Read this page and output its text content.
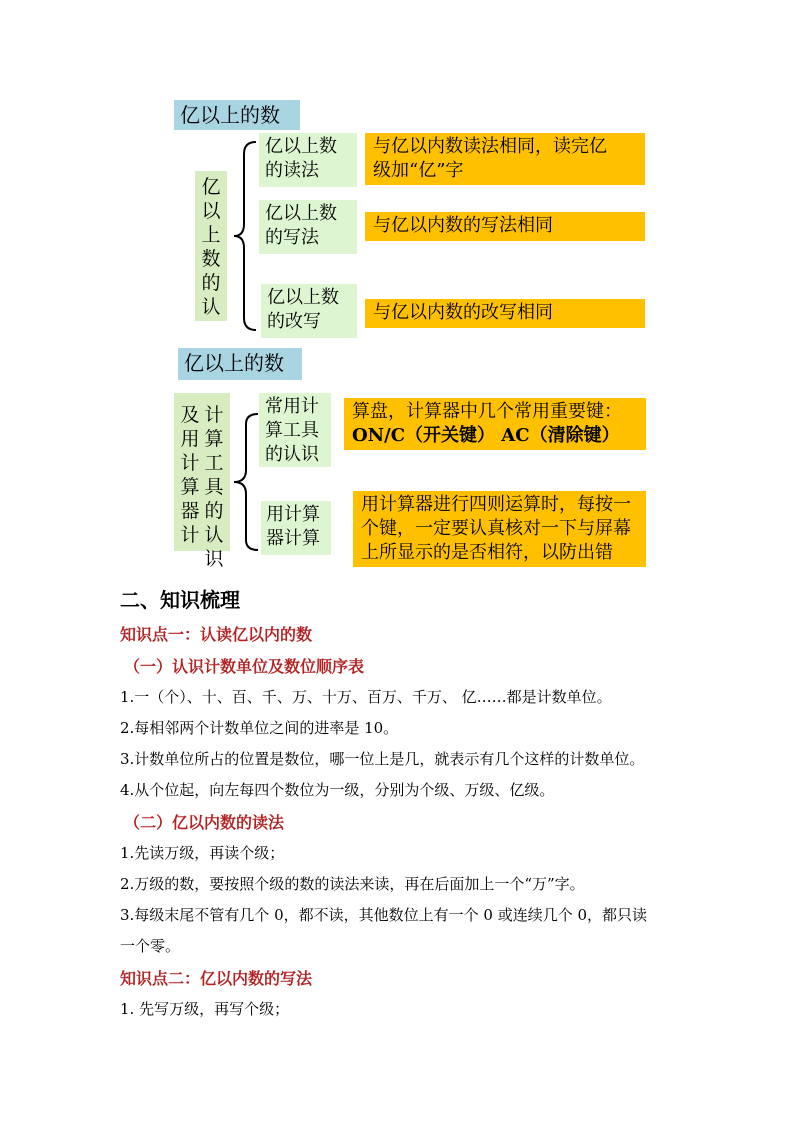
亿以上的数
亿
以
上
数
的
认
亿以上数
的读法
与亿以内数读法相同，读完亿
级加“亿”字
亿以上数
的写法
与亿以内数的写法相同
亿以上数
的改写	与亿以内数的改写相同
亿以上的数
计
算
工
具
的
认
识
及
用
计
算
器
计
常用计
算工具
的认识
算盘，计算器中几个常用重要键：
ON/C（开关键） AC（清除键）
用计算
器计算
用计算器进行四则运算时，每按一
个键，一定要认真核对一下与屏幕
上所显示的是否相符，以防出错
二、知识梳理
知识点一：认读亿以内的数
（一）认识计数单位及数位顺序表
1.一（个）、十、百、千、万、十万、百万、千万、 亿……都是计数单位。
2.每相邻两个计数单位之间的进率是 10。
3.计数单位所占的位置是数位，哪一位上是几，就表示有几个这样的计数单位。
4.从个位起，向左每四个数位为一级，分别为个级、万级、亿级。
（二）亿以内数的读法
1.先读万级，再读个级；
2.万级的数，要按照个级的数的读法来读，再在后面加上一个“万”字。
3.每级末尾不管有几个 0，都不读，其他数位上有一个 0 或连续几个 0，都只读
一个零。
知识点二：亿以内数的写法
1. 先写万级，再写个级；
